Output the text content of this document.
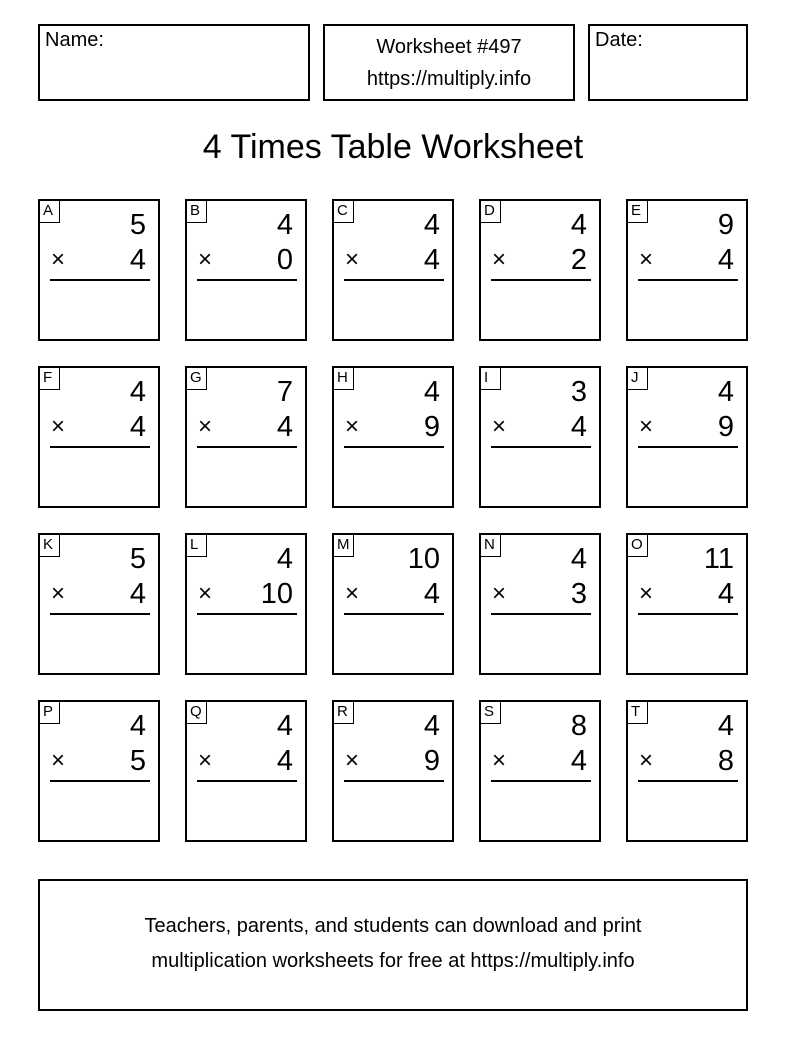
Name:	Worksheet #497
https://multiply.info
Date:
4 Times Table Worksheet
A	5
× 4
B	4
× 0
C	4
× 4
D	4
× 2
E	9
× 4
F	4
× 4
G	7
× 4
H	4
× 9
I	3
× 4
J	4
× 9
K	5
× 4
L	4
× 10
M 10
× 4
N	4
× 3
O 11
× 4
P	4
× 5
Q	4
× 4
R	4
× 9
S	8
× 4
T	4
× 8
Teachers, parents, and students can download and print
multiplication worksheets for free at https://multiply.info
